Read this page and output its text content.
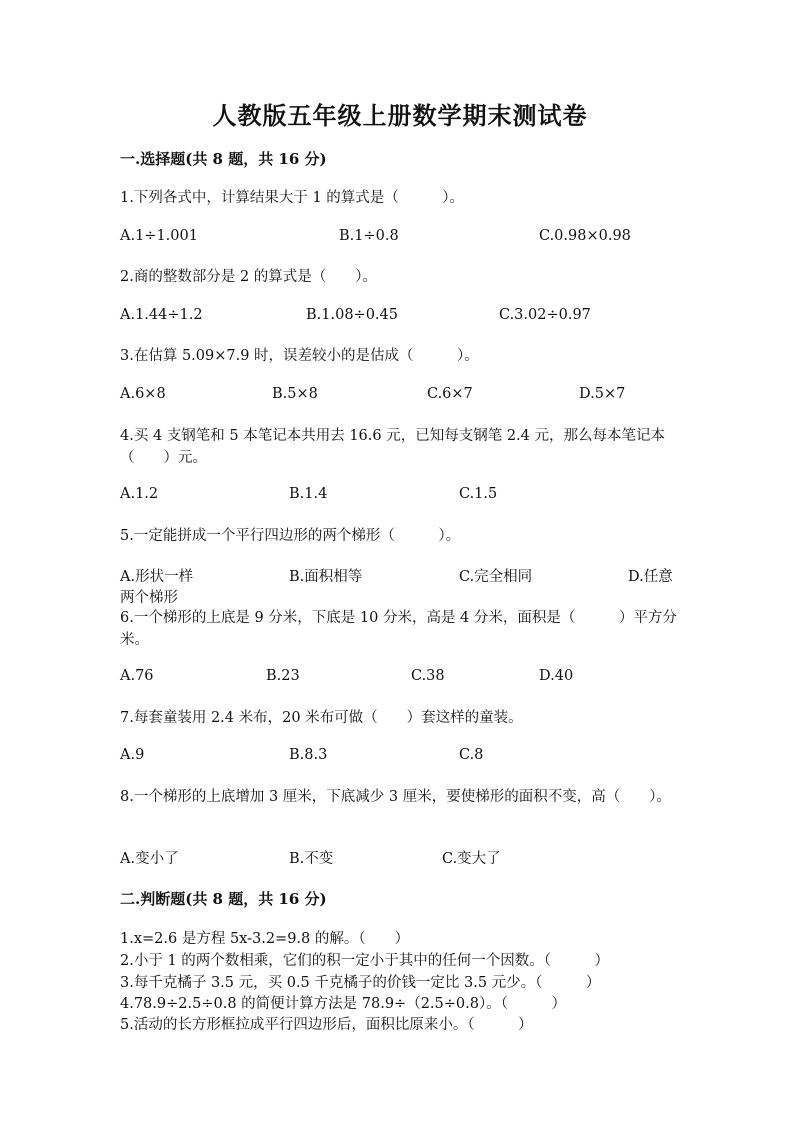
人教版五年级上册数学期末测试卷
一.选择题(共 8 题，共 16 分)
1.下列各式中，计算结果大于 1 的算式是（　　　）。
A.1÷1.001	B.1÷0.8	C.0.98×0.98
2.商的整数部分是 2 的算式是（　　）。
A.1.44÷1.2	B.1.08÷0.45	C.3.02÷0.97
3.在估算 5.09×7.9 时，误差较小的是估成（　　　）。
A.6×8	B.5×8	C.6×7	D.5×7
4.买 4 支钢笔和 5 本笔记本共用去 16.6 元，已知每支钢笔 2.4 元，那么每本笔记本（　　）元。
A.1.2	B.1.4	C.1.5
5.一定能拼成一个平行四边形的两个梯形（　　　）。
A.形状一样	B.面积相等	C.完全相同	D.任意
两个梯形
6.一个梯形的上底是 9 分米，下底是 10 分米，高是 4 分米，面积是（　　　）平方分米。
A.76	B.23	C.38	D.40
7.每套童装用 2.4 米布，20 米布可做（　　）套这样的童装。
A.9	B.8.3	C.8
8.一个梯形的上底增加 3 厘米，下底减少 3 厘米，要使梯形的面积不变，高（　　）。
A.变小了	B.不变	C.变大了
二.判断题(共 8 题，共 16 分)
1.x=2.6 是方程 5x-3.2=9.8 的解。（　　）
2.小于 1 的两个数相乘，它们的积一定小于其中的任何一个因数。（　　　）
3.每千克橘子 3.5 元，买 0.5 千克橘子的价钱一定比 3.5 元少。（　　　）
4.78.9÷2.5÷0.8 的简便计算方法是 78.9÷（2.5÷0.8）。（　　　）
5.活动的长方形框拉成平行四边形后，面积比原来小。（　　　）
